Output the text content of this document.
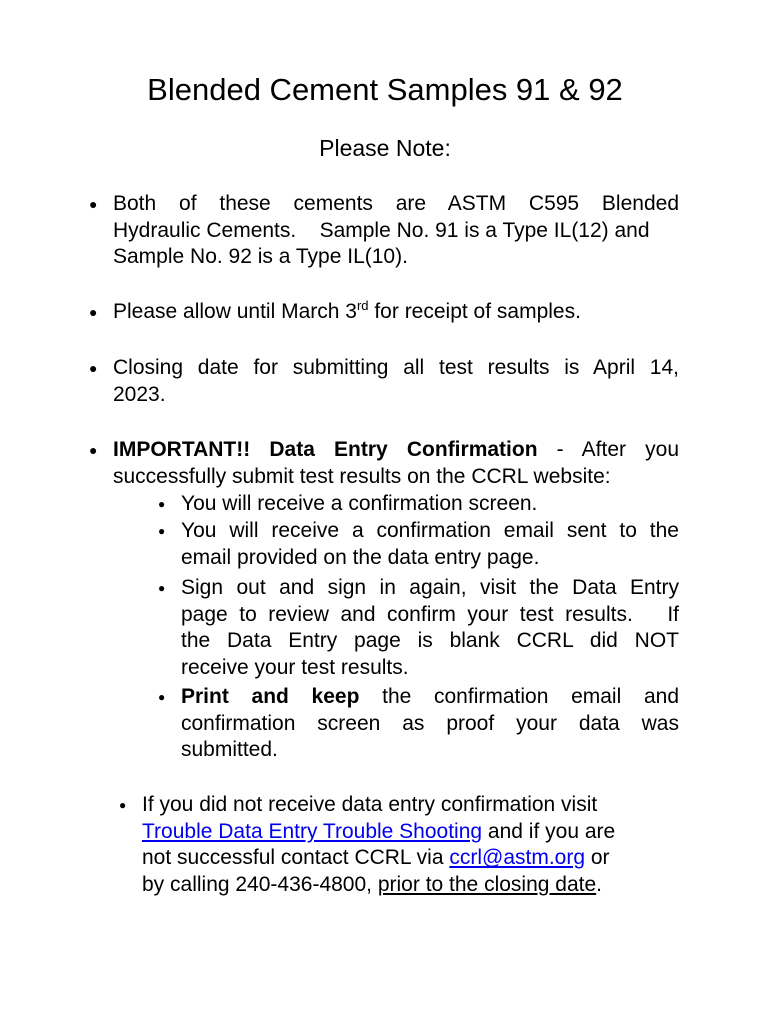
Blended Cement Samples 91 & 92
Please Note:
● Both of these cements are ASTM C595 Blended
Hydraulic Cements.    Sample No. 91 is a Type IL(12) and
Sample No. 92 is a Type IL(10).
● Please allow until March 3rd for receipt of samples.
● Closing date for submitting all test results is April 14,
2023.
● IMPORTANT!! Data Entry Confirmation - After you
successfully submit test results on the CCRL website:
● You will receive a confirmation screen.
● You will receive a confirmation email sent to the
email provided on the data entry page.
● Sign out and sign in again, visit the Data Entry
page to review and confirm your test results.   If
the Data Entry page is blank CCRL did NOT
receive your test results.
● Print and keep the confirmation email and
confirmation screen as proof your data was
submitted.
● If you did not receive data entry confirmation visit
Trouble Data Entry Trouble Shooting and if you are
not successful contact CCRL via ccrl@astm.org or
by calling 240-436-4800, prior to the closing date.
